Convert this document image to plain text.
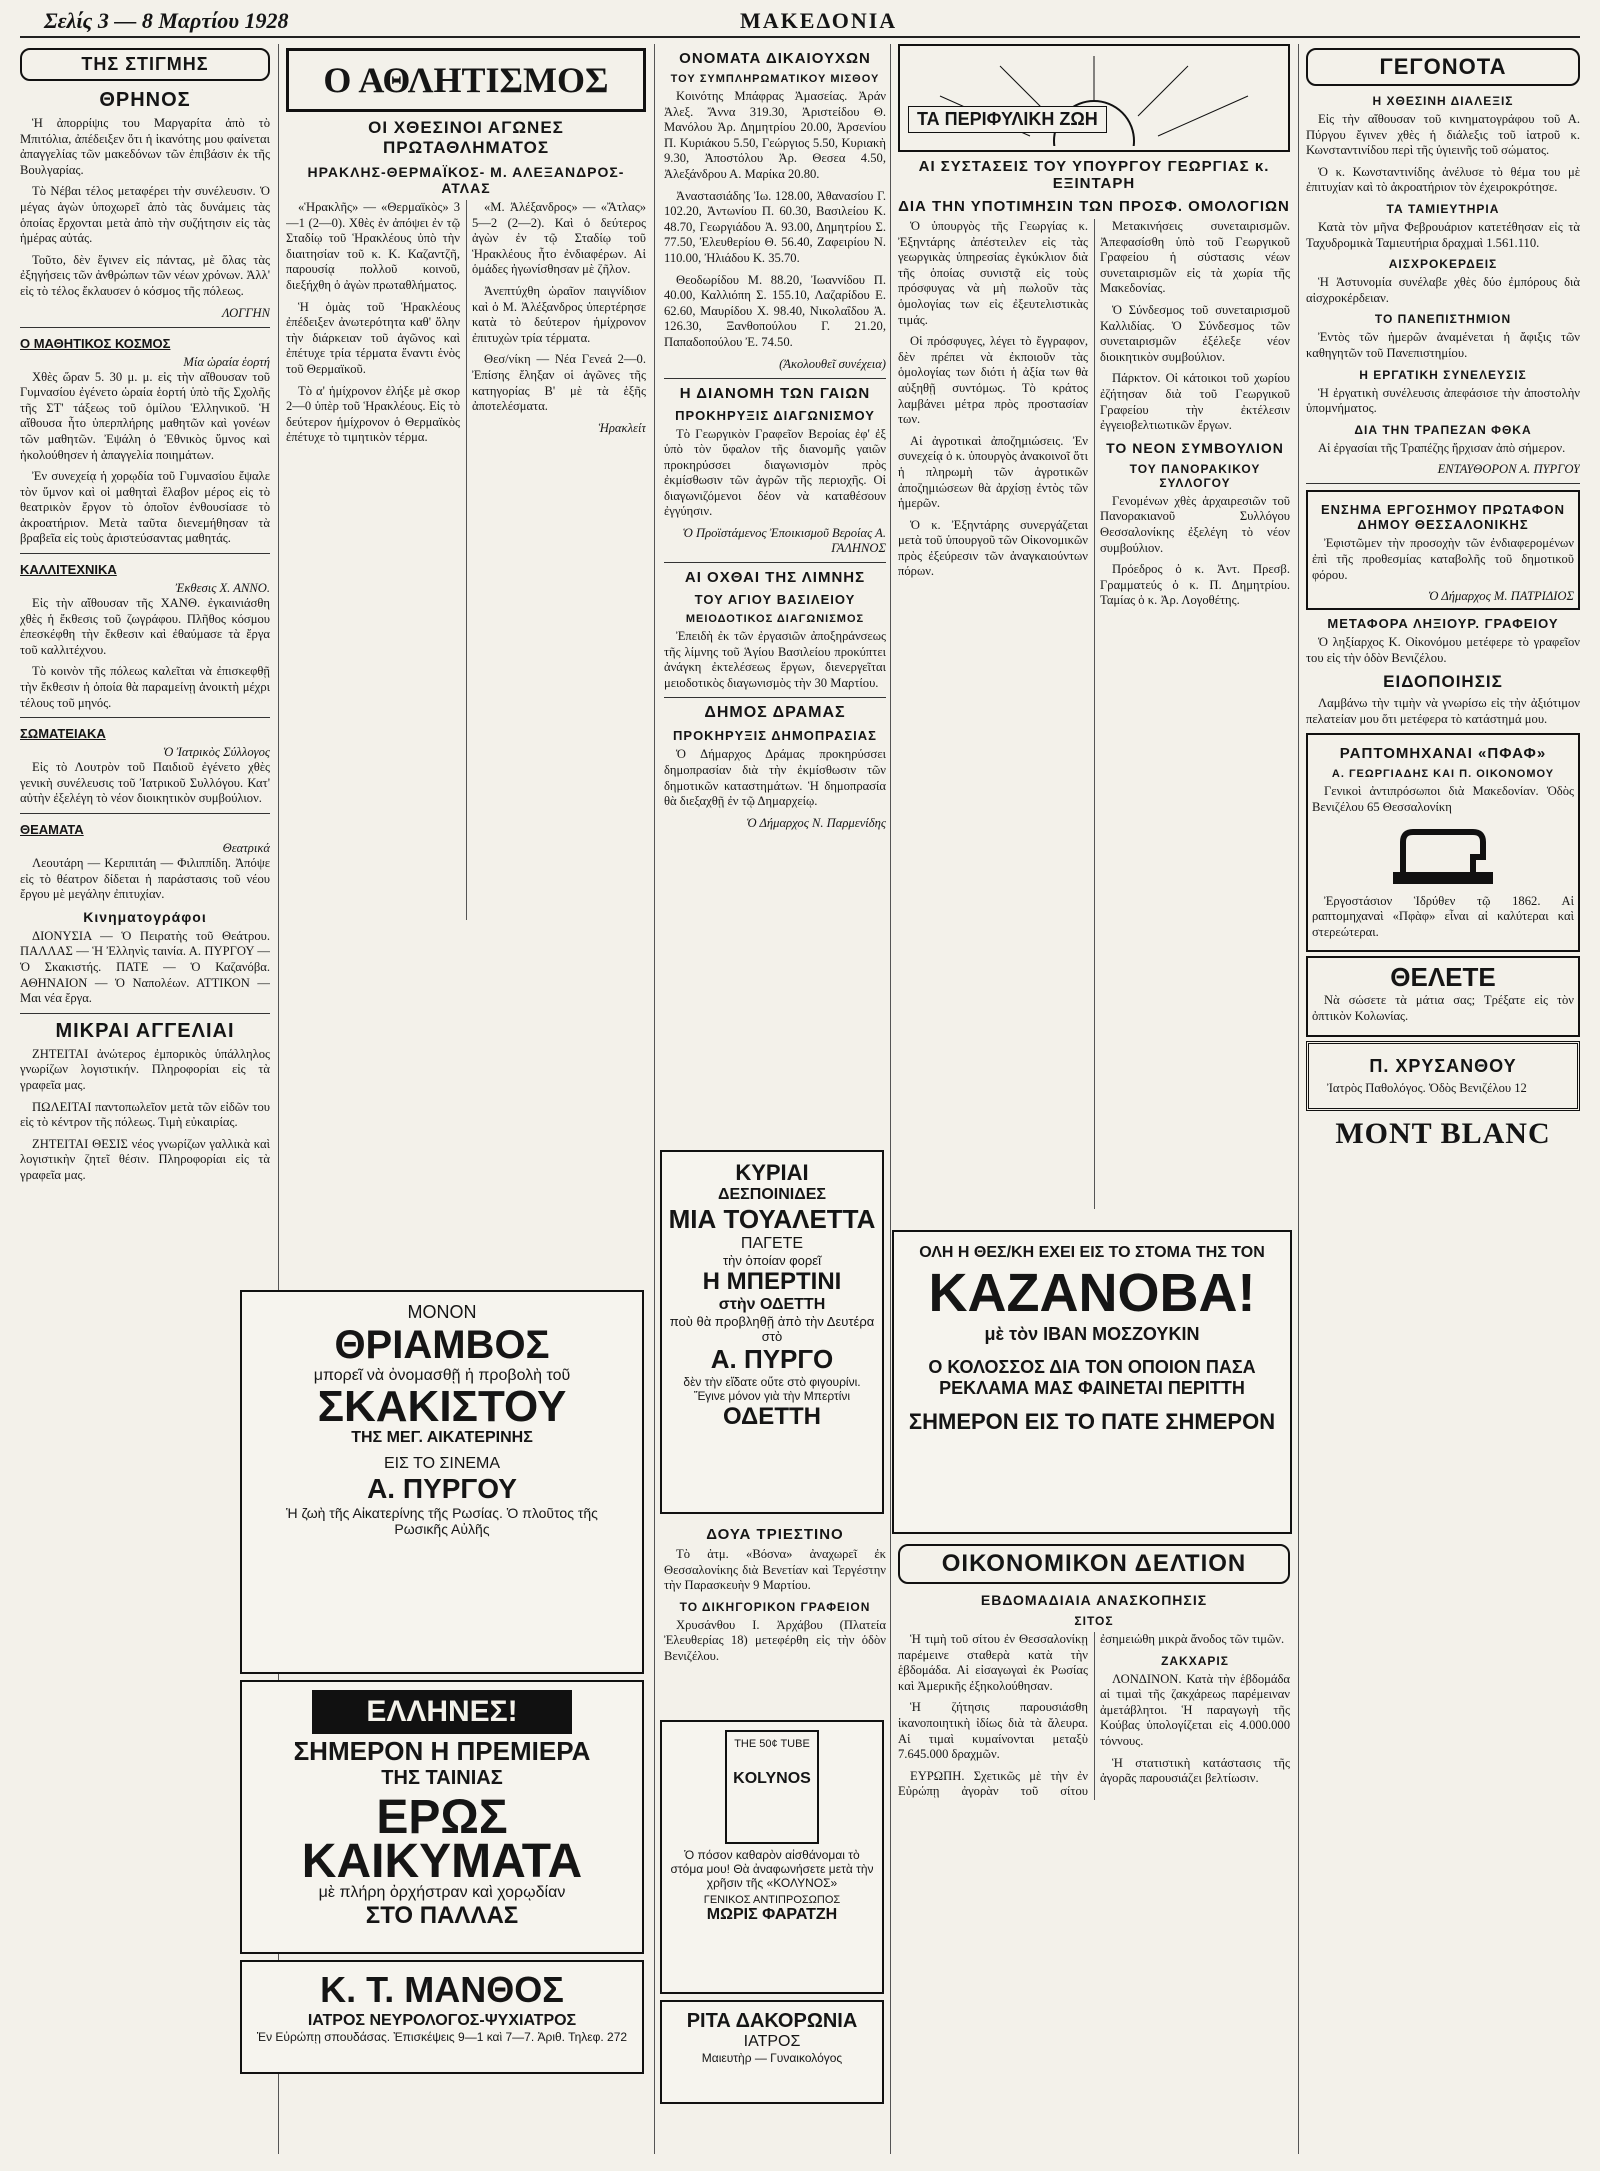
Σελίς 3 — 8 Μαρτίου 1928	ΜΑΚΕΔΟΝΙΑ
ΤΗΣ ΣΤΙΓΜΗΣ
ΘΡΗΝΟΣ

Ἡ ἀπορρίψις του Μαργαρίτα ἀπὸ τὸ Μπιτόλια, ἀπέδειξεν ὅτι ἡ ἱκανότης μου φαίνεται ἀπαγγελίας τῶν μακεδόνων τῶν ἐπιβάσιν ἐκ τῆς Βουλγαρίας.

Τὸ Νέβαι τέλος μεταφέρει τὴν συνέλευσιν. Ὁ μέγας ἀγὼν ὑποχωρεῖ ἀπὸ τὰς δυνάμεις τὰς ὁποίας ἔρχονται μετὰ ἀπὸ τὴν συζήτησιν εἰς τὰς ἡμέρας αὐτάς.

Τοῦτο, δὲν ἔγινεν εἰς πάντας, μὲ ὅλας τὰς ἐξηγήσεις τῶν ἀνθρώπων τῶν νέων χρόνων. Ἀλλ' εἰς τὸ τέλος ἔκλαυσεν ὁ κόσμος τῆς πόλεως.

ΛΟΓΓΗΝ
Ο ΜΑΘΗΤΙΚΟΣ ΚΟΣΜΟΣ
Μία ὡραία ἑορτή

Χθὲς ὥραν 5. 30 μ. μ. εἰς τὴν αἴθουσαν τοῦ Γυμνασίου ἐγένετο ὡραία ἑορτή ὑπὸ τῆς Σχολῆς τῆς ΣΤ' τάξεως τοῦ ὁμίλου Ἑλληνικοῦ. Ἡ αἴθουσα ἦτο ὑπερπλήρης μαθητῶν καὶ γονέων τῶν μαθητῶν. Ἐψάλη ὁ Ἐθνικὸς ὕμνος καὶ ἠκολούθησεν ἡ ἀπαγγελία ποιημάτων.

Ἐν συνεχείᾳ ἡ χορῳδία τοῦ Γυμνασίου ἔψαλε τὸν ὕμνον καὶ οἱ μαθηταὶ ἔλαβον μέρος εἰς τὸ θεατρικὸν ἔργον τὸ ὁποῖον ἐνθουσίασε τὸ ἀκροατήριον. Μετὰ ταῦτα διενεμήθησαν τὰ βραβεῖα εἰς τοὺς ἀριστεύσαντας μαθητάς.

ΚΑΛΛΙΤΕΧΝΙΚΑ
Ἐκθεσις Χ. ΑΝΝΟ.

Εἰς τὴν αἴθουσαν τῆς ΧΑΝΘ. ἐγκαινιάσθη χθὲς ἡ ἔκθεσις τοῦ ζωγράφου. Πλῆθος κόσμου ἐπεσκέφθη τὴν ἔκθεσιν καὶ ἐθαύμασε τὰ ἔργα τοῦ καλλιτέχνου.

Τὸ κοινὸν τῆς πόλεως καλεῖται νὰ ἐπισκεφθῇ τὴν ἔκθεσιν ἡ ὁποία θὰ παραμείνῃ ἀνοικτὴ μέχρι τέλους τοῦ μηνός.

ΣΩΜΑΤΕΙΑΚΑ
Ὁ Ἰατρικὸς Σύλλογος

Εἰς τὸ Λουτρὸν τοῦ Παιδιοῦ ἐγένετο χθὲς γενικὴ συνέλευσις τοῦ Ἰατρικοῦ Συλλόγου. Κατ' αὐτὴν ἐξελέγη τὸ νέον διοικητικὸν συμβούλιον.

ΘΕΑΜΑΤΑ
Θεατρικά

Λεουτάρη — Κεριπιτάη — Φιλιππίδη. Ἀπόψε εἰς τὸ θέατρον δίδεται ἡ παράστασις τοῦ νέου ἔργου μὲ μεγάλην ἐπιτυχίαν.

Κινηματογράφοι

ΔΙΟΝΥΣΙΑ — Ὁ Πειρατὴς τοῦ Θεάτρου. ΠΑΛΛΑΣ — Ἡ Ἐλληνὶς ταινία. Α. ΠΥΡΓΟΥ — Ὁ Σκακιστής. ΠΑΤΕ — Ὁ Καζανόβα. ΑΘΗΝΑΙΟΝ — Ὁ Ναπολέων. ΑΤΤΙΚΟΝ — Μαι νέα ἔργα.

ΜΙΚΡΑΙ ΑΓΓΕΛΙΑΙ

ΖΗΤΕΙΤΑΙ ἀνώτερος ἐμπορικὸς ὑπάλληλος γνωρίζων λογιστικήν. Πληροφορίαι εἰς τὰ γραφεῖα μας.

ΠΩΛΕΙΤΑΙ παντοπωλεῖον μετὰ τῶν εἰδῶν του εἰς τὸ κέντρον τῆς πόλεως. Τιμὴ εὐκαιρίας.

ΖΗΤΕΙΤΑΙ ΘΕΣΙΣ νέος γνωρίζων γαλλικὰ καὶ λογιστικὴν ζητεῖ θέσιν. Πληροφορίαι εἰς τὰ γραφεῖα μας.

Ο ΑΘΛΗΤΙΣΜΟΣ
ΟΙ ΧΘΕΣΙΝΟΙ ΑΓΩΝΕΣ ΠΡΩΤΑΘΛΗΜΑΤΟΣ
ΗΡΑΚΛΗΣ-ΘΕΡΜΑΪΚΟΣ- Μ. ΑΛΕΞΑΝΔΡΟΣ-ΑΤΛΑΣ

«Ἡρακλῆς» — «Θερμαϊκὸς» 3—1 (2—0). Χθὲς ἐν ἀπόψει ἐν τῷ Σταδίῳ τοῦ Ἡρακλέους ὑπὸ τὴν διαιτησίαν τοῦ κ. Κ. Καζαντζῆ, παρουσίᾳ πολλοῦ κοινοῦ, διεξήχθη ὁ ἀγὼν πρωταθλήματος.

Ἡ ὁμὰς τοῦ Ἡρακλέους ἐπέδειξεν ἀνωτερότητα καθ' ὅλην τὴν διάρκειαν τοῦ ἀγῶνος καὶ ἐπέτυχε τρία τέρματα ἔναντι ἑνὸς τοῦ Θερμαϊκοῦ.

Τὸ α' ἡμίχρονον ἐλήξε μὲ σκορ 2—0 ὑπὲρ τοῦ Ἡρακλέους. Εἰς τὸ δεύτερον ἡμίχρονον ὁ Θερμαϊκὸς ἐπέτυχε τὸ τιμητικὸν τέρμα.

«Μ. Ἀλέξανδρος» — «Ἄτλας» 5—2 (2—2). Καὶ ὁ δεύτερος ἀγὼν ἐν τῷ Σταδίῳ τοῦ Ἡρακλέους ἦτο ἐνδιαφέρων. Αἱ ὁμάδες ἠγωνίσθησαν μὲ ζῆλον.

Ἀνεπτύχθη ὡραῖον παιγνίδιον καὶ ὁ Μ. Ἀλέξανδρος ὑπερτέρησε κατὰ τὸ δεύτερον ἡμίχρονον ἐπιτυχὼν τρία τέρματα.

Θεσ/νίκη — Νέα Γενεά 2—0. Ἐπίσης ἔληξαν οἱ ἀγῶνες τῆς κατηγορίας Β' μὲ τὰ ἑξῆς ἀποτελέσματα.

Ἡρακλείτ
ΜΟΝΟΝ
ΘΡΙΑΜΒΟΣ
μπορεῖ νὰ ὀνομασθῇ ἡ προβολὴ τοῦ
ΣΚΑΚΙΣΤΟΥ
ΤΗΣ ΜΕΓ. ΑΙΚΑΤΕΡΙΝΗΣ
ΕΙΣ ΤΟ ΣΙΝΕΜΑ
Α. ΠΥΡΓΟΥ
Ἡ ζωὴ τῆς Αἰκατερίνης τῆς Ρωσίας. Ὁ πλοῦτος τῆς Ρωσικῆς Αὐλῆς
ΕΛΛΗΝΕΣ!
ΣΗΜΕΡΟΝ Η ΠΡΕΜΙΕΡΑ
ΤΗΣ ΤΑΙΝΙΑΣ
ΕΡΩΣ ΚΑΙΚΥΜΑΤΑ
μὲ πλήρη ὀρχήστραν καὶ χορῳδίαν
ΣΤΟ ΠΑΛΛΑΣ
Κ. Τ. ΜΑΝΘΟΣ
ΙΑΤΡΟΣ ΝΕΥΡΟΛΟΓΟΣ-ΨΥΧΙΑΤΡΟΣ
Ἐν Εὐρώπῃ σπουδάσας. Ἐπισκέψεις 9—1 καὶ 7—7. Ἀριθ. Τηλεφ. 272
ΟΝΟΜΑΤΑ ΔΙΚΑΙΟΥΧΩΝ
ΤΟΥ ΣΥΜΠΛΗΡΩΜΑΤΙΚΟΥ ΜΙΣΘΟΥ

Κοινότης Μπάφρας Ἀμασείας. Ἀράν Ἀλεξ. Ἄννα 319.30, Ἀριστείδου Θ. Μανόλου Ἀρ. Δημητρίου 20.00, Ἀρσενίου Π. Κυριάκου 5.50, Γεώργιος 5.50, Κυριακὴ 9.30, Ἀποστόλου Ἀρ. Θεσεα 4.50, Ἀλεξάνδρου Α. Μαρίκα 20.80.

Ἀναστασιάδης Ἰω. 128.00, Ἀθανασίου Γ. 102.20, Ἀντωνίου Π. 60.30, Βασιλείου Κ. 48.70, Γεωργιάδου Ἀ. 93.00, Δημητρίου Σ. 77.50, Ἐλευθερίου Θ. 56.40, Ζαφειρίου Ν. 110.00, Ἠλιάδου Κ. 35.70.

Θεοδωρίδου Μ. 88.20, Ἰωαννίδου Π. 40.00, Καλλιόπη Σ. 155.10, Λαζαρίδου Ε. 62.60, Μαυρίδου Χ. 98.40, Νικολαΐδου Ἀ. 126.30, Ξανθοπούλου Γ. 21.20, Παπαδοπούλου Ἐ. 74.50.

(Ἀκολουθεῖ συνέχεια)
Η ΔΙΑΝΟΜΗ ΤΩΝ ΓΑΙΩΝ
ΠΡΟΚΗΡΥΞΙΣ ΔΙΑΓΩΝΙΣΜΟΥ

Τὸ Γεωργικὸν Γραφεῖον Βεροίας ἐφ' ἐξ ὑπὸ τὸν ὕφαλον τῆς διανομῆς γαιῶν προκηρύσσει διαγωνισμὸν πρὸς ἐκμίσθωσιν τῶν ἀγρῶν τῆς περιοχῆς. Οἱ διαγωνιζόμενοι δέον νὰ καταθέσουν ἐγγύησιν.

Ὁ Προϊστάμενος Ἐποικισμοῦ Βεροίας Α. ΓΑΛΗΝΟΣ
ΑΙ ΟΧΘΑΙ ΤΗΣ ΛΙΜΝΗΣ
ΤΟΥ ΑΓΙΟΥ ΒΑΣΙΛΕΙΟΥ
ΜΕΙΟΔΟΤΙΚΟΣ ΔΙΑΓΩΝΙΣΜΟΣ

Ἐπειδὴ ἐκ τῶν ἐργασιῶν ἀποξηράνσεως τῆς λίμνης τοῦ Ἁγίου Βασιλείου προκύπτει ἀνάγκη ἐκτελέσεως ἔργων, διενεργεῖται μειοδοτικὸς διαγωνισμὸς τὴν 30 Μαρτίου.

ΔΗΜΟΣ ΔΡΑΜΑΣ
ΠΡΟΚΗΡΥΞΙΣ ΔΗΜΟΠΡΑΣΙΑΣ

Ὁ Δήμαρχος Δράμας προκηρύσσει δημοπρασίαν διὰ τὴν ἐκμίσθωσιν τῶν δημοτικῶν καταστημάτων. Ἡ δημοπρασία θὰ διεξαχθῇ ἐν τῷ Δημαρχείῳ.

Ὁ Δήμαρχος Ν. Παρμενίδης
ΚΥΡΙΑΙ
ΔΕΣΠΟΙΝΙΔΕΣ
ΜΙΑ ΤΟΥΑΛΕΤΤΑ
ΠΑΓΕΤΕ
τὴν ὁποίαν φορεῖ
Η ΜΠΕΡΤΙΝΙ
στὴν ΟΔΕΤΤΗ
ποὺ θὰ προβληθῇ ἀπὸ τὴν Δευτέρα στὸ
Α. ΠΥΡΓΟ
δὲν τὴν εἴδατε οὔτε στὸ φιγουρίνι. Ἔγινε μόνον γιὰ τὴν Μπερτίνι
ΟΔΕΤΤΗ
ΔΟΥΑ ΤΡΙΕΣΤΙΝΟ

Τὸ ἀτμ. «Βόσνα» ἀναχωρεῖ ἐκ Θεσσαλονίκης διὰ Βενετίαν καὶ Τεργέστην τὴν Παρασκευὴν 9 Μαρτίου.

ΤΟ ΔΙΚΗΓΟΡΙΚΟΝ ΓΡΑΦΕΙΟΝ

Χρυσάνθου Ι. Ἀρχάβου (Πλατεία Ἐλευθερίας 18) μετεφέρθη εἰς τὴν ὁδὸν Βενιζέλου.

THE 50¢ TUBE
KOLYNOS
Ὁ πόσον καθαρὸν αἰσθάνομαι τὸ στόμα μου! Θὰ ἀναφωνήσετε μετὰ τὴν χρῆσιν τῆς «ΚΟΛΥΝΟΣ»
ΓΕΝΙΚΟΣ ΑΝΤΙΠΡΟΣΩΠΟΣ
ΜΩΡΙΣ ΦΑΡΑΤΖΗ
ΡΙΤΑ ΔΑΚΟΡΩΝΙΑ
ΙΑΤΡΟΣ
Μαιευτὴρ — Γυναικολόγος
ΤΑ ΠΕΡΙΦΥΛΙΚΗ ΖΩΗ
ΑΙ ΣΥΣΤΑΣΕΙΣ ΤΟΥ ΥΠΟΥΡΓΟΥ ΓΕΩΡΓΙΑΣ κ. ΕΞΙΝΤΑΡΗ
ΔΙΑ ΤΗΝ ΥΠΟΤΙΜΗΣΙΝ ΤΩΝ ΠΡΟΣΦ. ΟΜΟΛΟΓΙΩΝ

Ὁ ὑπουργὸς τῆς Γεωργίας κ. Ἐξηντάρης ἀπέστειλεν εἰς τὰς γεωργικὰς ὑπηρεσίας ἐγκύκλιον διὰ τῆς ὁποίας συνιστᾷ εἰς τοὺς πρόσφυγας νὰ μὴ πωλοῦν τὰς ὁμολογίας των εἰς ἐξευτελιστικὰς τιμάς.

Οἱ πρόσφυγες, λέγει τὸ ἔγγραφον, δὲν πρέπει νὰ ἐκποιοῦν τὰς ὁμολογίας των διότι ἡ ἀξία των θὰ αὐξηθῇ συντόμως. Τὸ κράτος λαμβάνει μέτρα πρὸς προστασίαν των.

Αἱ ἀγροτικαὶ ἀποζημιώσεις. Ἐν συνεχείᾳ ὁ κ. ὑπουργὸς ἀνακοινοῖ ὅτι ἡ πληρωμὴ τῶν ἀγροτικῶν ἀποζημιώσεων θὰ ἀρχίσῃ ἐντὸς τῶν ἡμερῶν.

Ὁ κ. Ἐξηντάρης συνεργάζεται μετὰ τοῦ ὑπουργοῦ τῶν Οἰκονομικῶν πρὸς ἐξεύρεσιν τῶν ἀναγκαιούντων πόρων.

Μετακινήσεις συνεταιρισμῶν. Ἀπεφασίσθη ὑπὸ τοῦ Γεωργικοῦ Γραφείου ἡ σύστασις νέων συνεταιρισμῶν εἰς τὰ χωρία τῆς Μακεδονίας.

Ὁ Σύνδεσμος τοῦ συνεταιρισμοῦ Καλλιδίας. Ὁ Σύνδεσμος τῶν συνεταιρισμῶν ἐξέλεξε νέον διοικητικὸν συμβούλιον.

Πάρκτον. Οἱ κάτοικοι τοῦ χωρίου ἐζήτησαν διὰ τοῦ Γεωργικοῦ Γραφείου τὴν ἐκτέλεσιν ἐγγειοβελτιωτικῶν ἔργων.

ΤΟ ΝΕΟΝ ΣΥΜΒΟΥΛΙΟΝ
ΤΟΥ ΠΑΝΟΡΑΚΙΚΟΥ ΣΥΛΛΟΓΟΥ

Γενομένων χθὲς ἀρχαιρεσιῶν τοῦ Πανορακιανοῦ Συλλόγου Θεσσαλονίκης ἐξελέγη τὸ νέον συμβούλιον.

Πρόεδρος ὁ κ. Ἀντ. Πρεσβ. Γραμματεύς ὁ κ. Π. Δημητρίου. Ταμίας ὁ κ. Ἀρ. Λογοθέτης.

ΟΛΗ Η ΘΕΣ/ΚΗ ΕΧΕΙ ΕΙΣ ΤΟ ΣΤΟΜΑ ΤΗΣ ΤΟΝ
ΚΑΖΑΝΟΒΑ!
μὲ τὸν ΙΒΑΝ ΜΟΣΖΟΥΚΙΝ
Ο ΚΟΛΟΣΣΟΣ ΔΙΑ ΤΟΝ ΟΠΟΙΟΝ ΠΑΣΑ
ΡΕΚΛΑΜΑ ΜΑΣ ΦΑΙΝΕΤΑΙ ΠΕΡΙΤΤΗ
ΣΗΜΕΡΟΝ ΕΙΣ ΤΟ ΠΑΤΕ ΣΗΜΕΡΟΝ
ΟΙΚΟΝΟΜΙΚΟΝ ΔΕΛΤΙΟΝ
ΕΒΔΟΜΑΔΙΑΙΑ ΑΝΑΣΚΟΠΗΣΙΣ
ΣΙΤΟΣ

Ἡ τιμὴ τοῦ σίτου ἐν Θεσσαλονίκῃ παρέμεινε σταθερὰ κατὰ τὴν ἑβδομάδα. Αἱ εἰσαγωγαὶ ἐκ Ρωσίας καὶ Ἀμερικῆς ἐξηκολούθησαν.

Ἡ ζήτησις παρουσιάσθη ἱκανοποιητικὴ ἰδίως διὰ τὰ ἄλευρα. Αἱ τιμαὶ κυμαίνονται μεταξὺ 7.645.000 δραχμῶν.

ΕΥΡΩΠΗ. Σχετικῶς μὲ τὴν ἐν Εὐρώπῃ ἀγορὰν τοῦ σίτου ἐσημειώθη μικρὰ ἄνοδος τῶν τιμῶν.

ΖΑΚΧΑΡΙΣ

ΛΟΝΔΙΝΟΝ. Κατὰ τὴν ἑβδομάδα αἱ τιμαὶ τῆς ζακχάρεως παρέμειναν ἀμετάβλητοι. Ἡ παραγωγὴ τῆς Κούβας ὑπολογίζεται εἰς 4.000.000 τόννους.

Ἡ στατιστικὴ κατάστασις τῆς ἀγορᾶς παρουσιάζει βελτίωσιν.

ΓΕΓΟΝΟΤΑ
Η ΧΘΕΣΙΝΗ ΔΙΑΛΕΞΙΣ

Εἰς τὴν αἴθουσαν τοῦ κινηματογράφου τοῦ Α. Πύργου ἔγινεν χθὲς ἡ διάλεξις τοῦ ἰατροῦ κ. Κωνσταντινίδου περὶ τῆς ὑγιεινῆς τοῦ σώματος.

Ὁ κ. Κωνσταντινίδης ἀνέλυσε τὸ θέμα του μὲ ἐπιτυχίαν καὶ τὸ ἀκροατήριον τὸν ἐχειροκρότησε.

ΤΑ ΤΑΜΙΕΥΤΗΡΙΑ

Κατὰ τὸν μῆνα Φεβρουάριον κατετέθησαν εἰς τὰ Ταχυδρομικὰ Ταμιευτήρια δραχμαὶ 1.561.110.

ΑΙΣΧΡΟΚΕΡΔΕΙΣ

Ἡ Ἀστυνομία συνέλαβε χθὲς δύο ἐμπόρους διὰ αἰσχροκέρδειαν.

ΤΟ ΠΑΝΕΠΙΣΤΗΜΙΟΝ

Ἐντὸς τῶν ἡμερῶν ἀναμένεται ἡ ἄφιξις τῶν καθηγητῶν τοῦ Πανεπιστημίου.

Η ΕΡΓΑΤΙΚΗ ΣΥΝΕΛΕΥΣΙΣ

Ἡ ἐργατικὴ συνέλευσις ἀπεφάσισε τὴν ἀποστολὴν ὑπομνήματος.

ΔΙΑ ΤΗΝ ΤΡΑΠΕΖΑΝ ΦΘΚΑ

Αἱ ἐργασίαι τῆς Τραπέζης ἤρχισαν ἀπὸ σήμερον.

ΕΝΤΑΥΘΟΡΟΝ Α. ΠΥΡΓΟΥ
ΕΝΣΗΜΑ ΕΡΓΟΣΗΜΟΥ ΠΡΩΤΑΦΟΝ ΔΗΜΟΥ ΘΕΣΣΑΛΟΝΙΚΗΣ

Ἐφιστῶμεν τὴν προσοχὴν τῶν ἐνδιαφερομένων ἐπὶ τῆς προθεσμίας καταβολῆς τοῦ δημοτικοῦ φόρου.

Ὁ Δήμαρχος Μ. ΠΑΤΡΙΔΙΟΣ
ΜΕΤΑΦΟΡΑ ΛΗΞΙΟΥΡ. ΓΡΑΦΕΙΟΥ

Ὁ ληξίαρχος Κ. Οἰκονόμου μετέφερε τὸ γραφεῖον του εἰς τὴν ὁδὸν Βενιζέλου.

ΕΙΔΟΠΟΙΗΣΙΣ

Λαμβάνω τὴν τιμὴν νὰ γνωρίσω εἰς τὴν ἀξιότιμον πελατείαν μου ὅτι μετέφερα τὸ κατάστημά μου.

ΡΑΠΤΟΜΗΧΑΝΑΙ «ΠΦΑΦ»
Α. ΓΕΩΡΓΙΑΔΗΣ ΚΑΙ Π. ΟΙΚΟΝΟΜΟΥ

Γενικοὶ ἀντιπρόσωποι διὰ Μακεδονίαν. Ὁδὸς Βενιζέλου 65 Θεσσαλονίκη

Ἐργοστάσιον Ἱδρύθεν τῷ 1862. Αἱ ραπτομηχαναὶ «Πφὰφ» εἶναι αἱ καλύτεραι καὶ στερεώτεραι.

ΘΕΛΕΤΕ

Νὰ σώσετε τὰ μάτια σας; Τρέξατε εἰς τὸν ὀπτικὸν Κολωνίας.

Π. ΧΡΥΣΑΝΘΟΥ

Ἰατρὸς Παθολόγος. Ὁδὸς Βενιζέλου 12

MONT BLANC
